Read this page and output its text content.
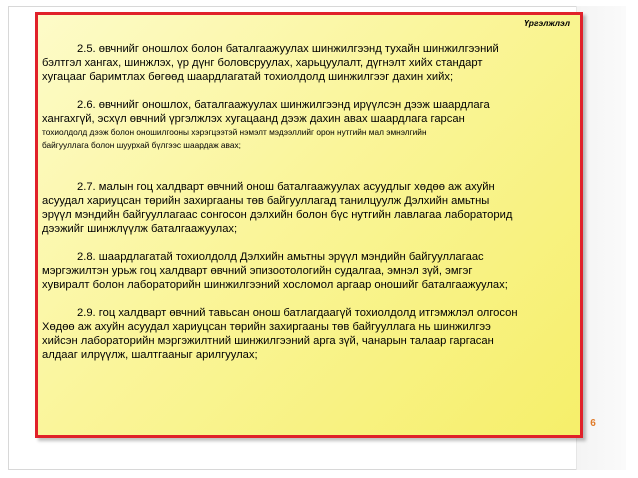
Үргэлжлэл

2.5. өвчнийг оношлох болон баталгаажуулах шинжилгээнд тухайн шинжилгээний
бэлтгэл хангах, шинжлэх, үр дүнг боловсруулах, харьцуулалт, дүгнэлт хийх стандарт
хугацааг баримтлах бөгөөд шаардлагатай тохиолдолд шинжилгээг дахин хийх;

2.6. өвчнийг оношлох, баталгаажуулах шинжилгээнд ирүүлсэн дээж шаардлага
хангахгүй, эсхүл өвчний үргэлжлэх хугацаанд дээж дахин авах шаардлага гарсан
тохиолдолд дээж болон оношилгооны хэрэгцээтэй нэмэлт мэдээллийг орон нутгийн мал эмнэлгийн
байгууллага болон шуурхай бүлгээс шаардаж авах;

2.7. малын гоц халдварт өвчний онош баталгаажуулах асуудлыг хөдөө аж ахуйн
асуудал хариуцсан төрийн захиргааны төв байгууллагад танилцуулж Дэлхийн амьтны
эрүүл мэндийн байгууллагаас сонгосон дэлхийн болон бүс нутгийн лавлагаа лабораторид
дээжийг шинжлүүлж баталгаажуулах;

2.8. шаардлагатай тохиолдолд Дэлхийн амьтны эрүүл мэндийн байгууллагаас
мэргэжилтэн урьж гоц халдварт өвчний эпизоотологийн судалгаа, эмнэл зүй, эмгэг
хувиралт болон лабораторийн шинжилгээний хосломол аргаар оношийг баталгаажуулах;

2.9. гоц халдварт өвчний тавьсан онош батлагдаагүй тохиолдолд итгэмжлэл олгосон
Хөдөө аж ахуйн асуудал хариуцсан төрийн захиргааны төв байгууллага нь шинжилгээ
хийсэн лабораторийн мэргэжилтний шинжилгээний арга зүй, чанарын талаар гаргасан
алдааг илрүүлж, шалтгааныг арилгуулах;

6
